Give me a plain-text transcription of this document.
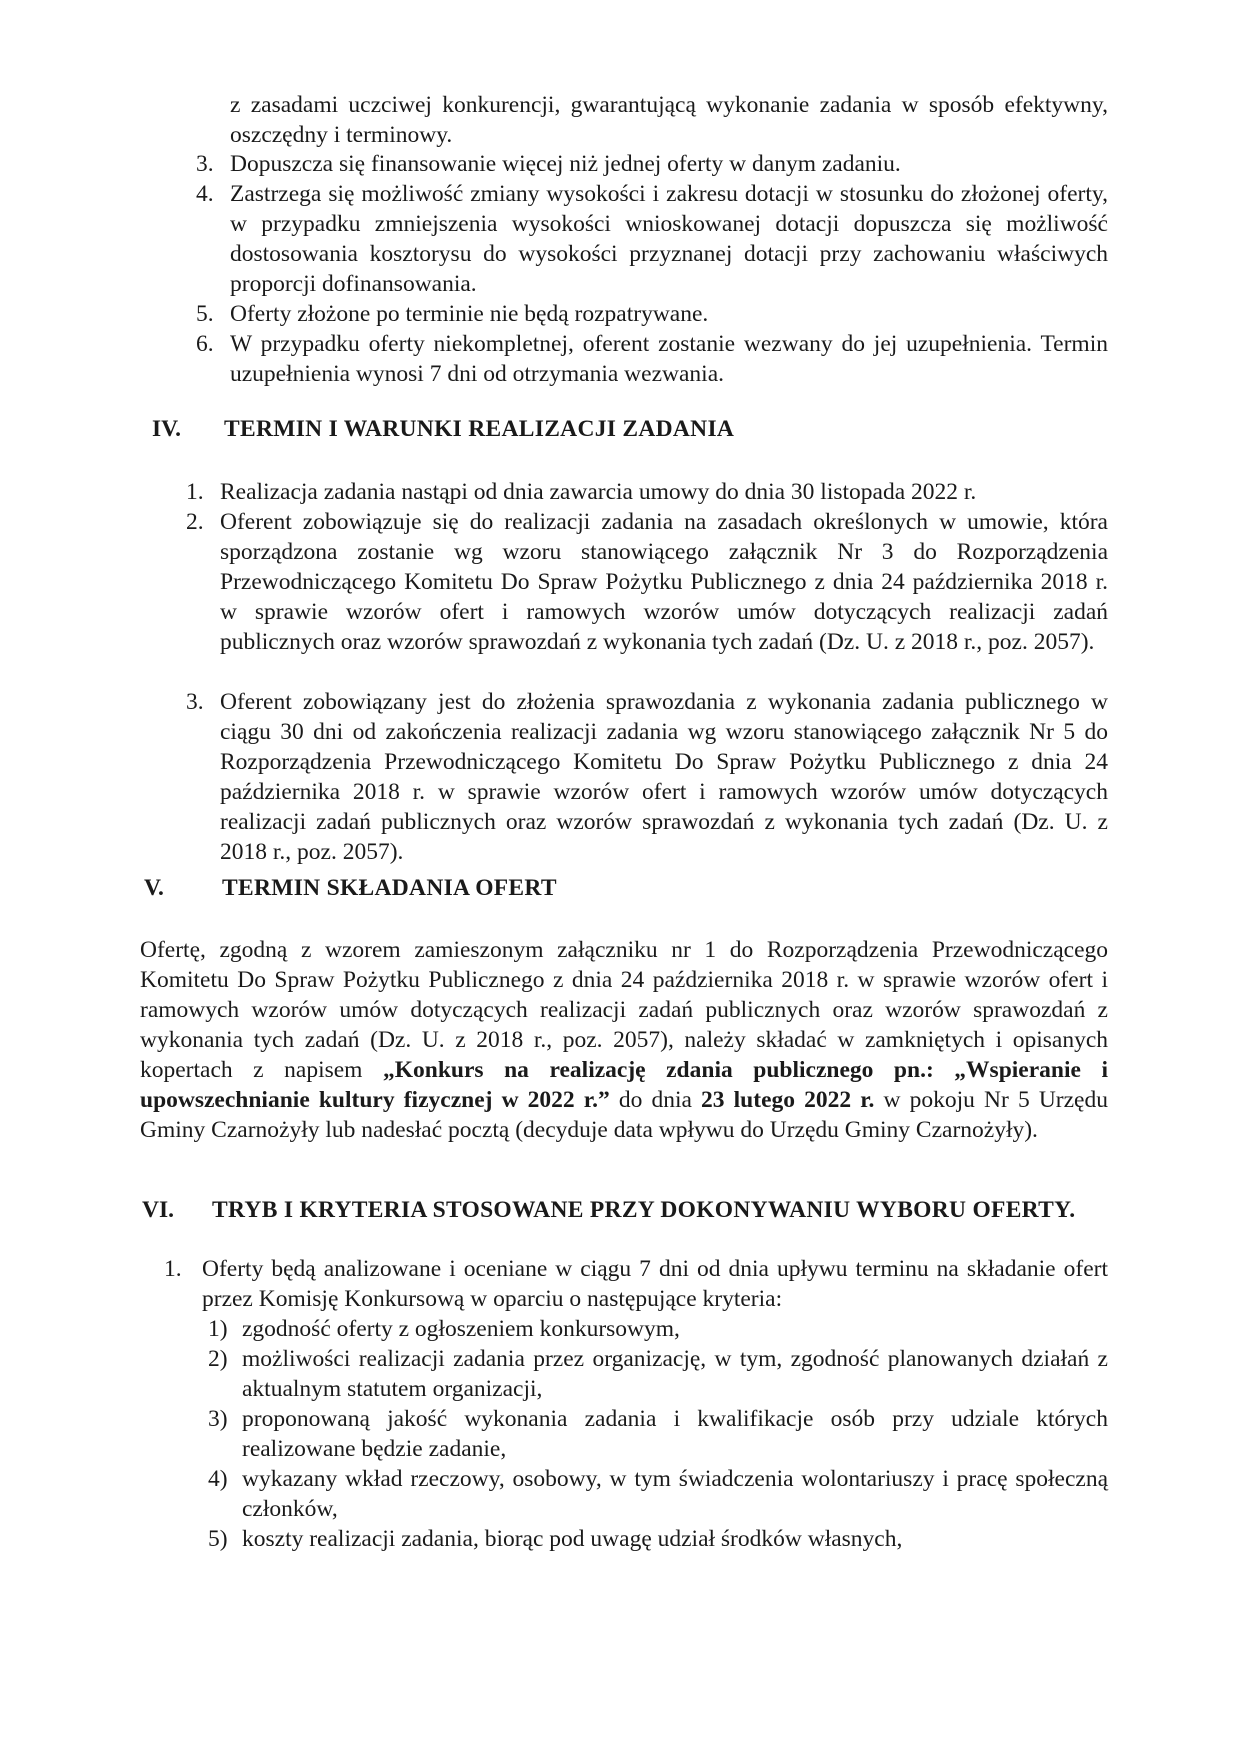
z zasadami uczciwej konkurencji, gwarantującą wykonanie zadania w sposób efektywny, oszczędny i terminowy.

3. Dopuszcza się finansowanie więcej niż jednej oferty w danym zadaniu.

4. Zastrzega się możliwość zmiany wysokości i zakresu dotacji w stosunku do złożonej oferty, w przypadku zmniejszenia wysokości wnioskowanej dotacji dopuszcza się możliwość dostosowania kosztorysu do wysokości przyznanej dotacji przy zachowaniu właściwych proporcji dofinansowania.

5. Oferty złożone po terminie nie będą rozpatrywane.

6. W przypadku oferty niekompletnej, oferent zostanie wezwany do jej uzupełnienia. Termin uzupełnienia wynosi 7 dni od otrzymania wezwania.

IV. TERMIN I WARUNKI REALIZACJI ZADANIA
1. Realizacja zadania nastąpi od dnia zawarcia umowy do dnia 30 listopada 2022 r.

2. Oferent zobowiązuje się do realizacji zadania na zasadach określonych w umowie, która sporządzona zostanie wg wzoru stanowiącego załącznik Nr 3 do Rozporządzenia Przewodniczącego Komitetu Do Spraw Pożytku Publicznego z dnia 24 października 2018 r. w sprawie wzorów ofert i ramowych wzorów umów dotyczących realizacji zadań publicznych oraz wzorów sprawozdań z wykonania tych zadań (Dz. U. z 2018 r., poz. 2057).

3. Oferent zobowiązany jest do złożenia sprawozdania z wykonania zadania publicznego w ciągu 30 dni od zakończenia realizacji zadania wg wzoru stanowiącego załącznik Nr 5 do Rozporządzenia Przewodniczącego Komitetu Do Spraw Pożytku Publicznego z dnia 24 października 2018 r. w sprawie wzorów ofert i ramowych wzorów umów dotyczących realizacji zadań publicznych oraz wzorów sprawozdań z wykonania tych zadań (Dz. U. z 2018 r., poz. 2057).

V. TERMIN SKŁADANIA OFERT

Ofertę, zgodną z wzorem zamieszonym załączniku nr 1 do Rozporządzenia Przewodniczącego Komitetu Do Spraw Pożytku Publicznego z dnia 24 października 2018 r. w sprawie wzorów ofert i ramowych wzorów umów dotyczących realizacji zadań publicznych oraz wzorów sprawozdań z wykonania tych zadań (Dz. U. z 2018 r., poz. 2057), należy składać w zamkniętych i opisanych kopertach z napisem „Konkurs na realizację zdania publicznego pn.: „Wspieranie i upowszechnianie kultury fizycznej w 2022 r.” do dnia 23 lutego 2022 r. w pokoju Nr 5 Urzędu Gminy Czarnożyły lub nadesłać pocztą (decyduje data wpływu do Urzędu Gminy Czarnożyły).

VI. TRYB I KRYTERIA STOSOWANE PRZY DOKONYWANIU WYBORU OFERTY.
1. Oferty będą analizowane i oceniane w ciągu 7 dni od dnia upływu terminu na składanie ofert przez Komisję Konkursową w oparciu o następujące kryteria:

1) zgodność oferty z ogłoszeniem konkursowym,

2) możliwości realizacji zadania przez organizację, w tym, zgodność planowanych działań z aktualnym statutem organizacji,

3) proponowaną jakość wykonania zadania i kwalifikacje osób przy udziale których realizowane będzie zadanie,

4) wykazany wkład rzeczowy, osobowy, w tym świadczenia wolontariuszy i pracę społeczną członków,

5) koszty realizacji zadania, biorąc pod uwagę udział środków własnych,
